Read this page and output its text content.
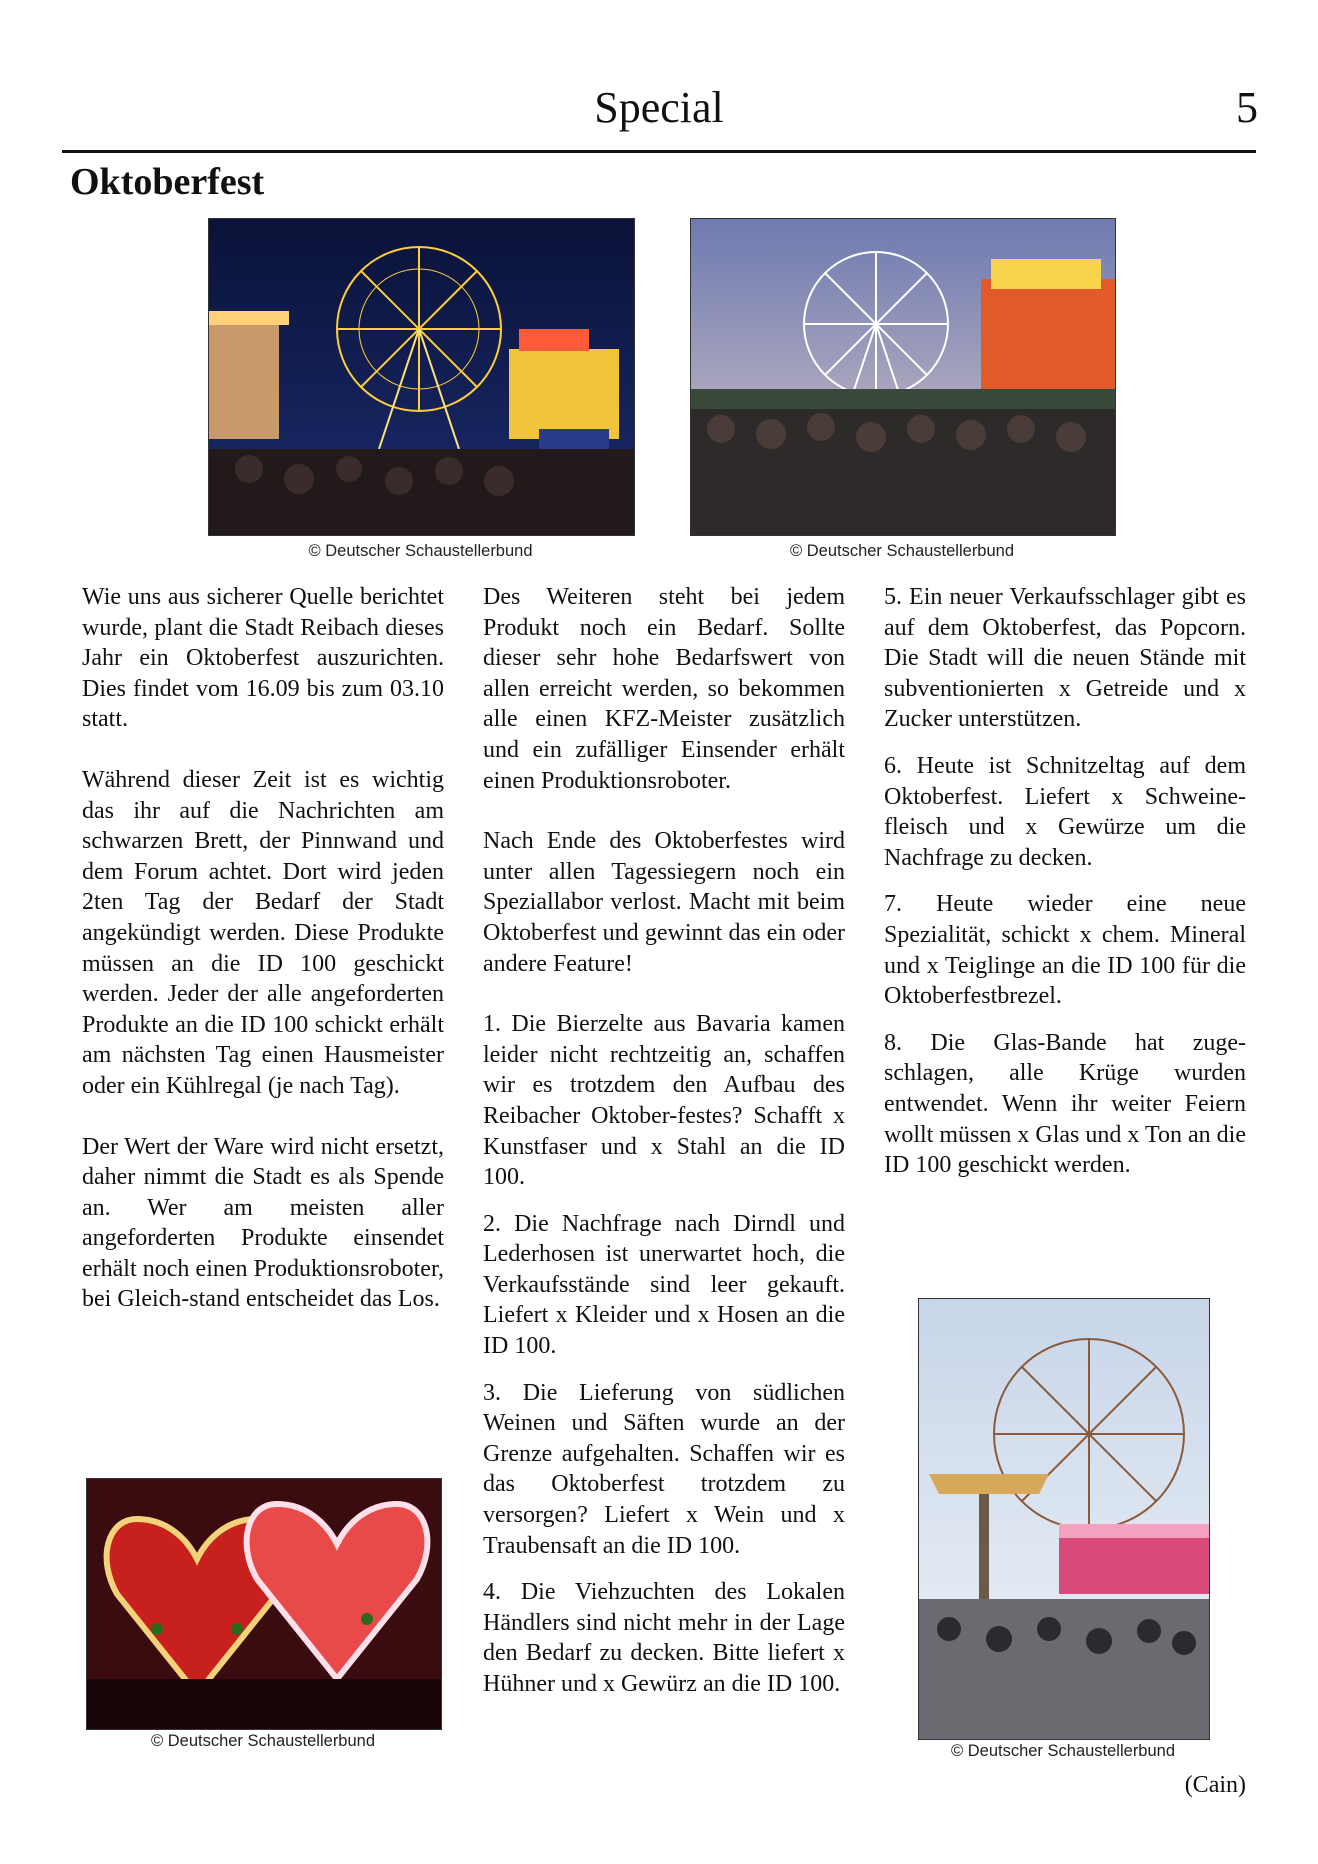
Special	5
Oktoberfest
© Deutscher Schaustellerbund	© Deutscher Schaustellerbund

Wie uns aus sicherer Quelle berichtet wurde, plant die Stadt Reibach dieses Jahr ein Oktoberfest auszurichten. Dies findet vom 16.09 bis zum 03.10 statt.

Während dieser Zeit ist es wichtig das ihr auf die Nachrichten am schwarzen Brett, der Pinnwand und dem Forum achtet. Dort wird jeden 2ten Tag der Bedarf der Stadt angekündigt werden. Diese Produkte müssen an die ID 100 geschickt werden. Jeder der alle angeforderten Produkte an die ID 100 schickt erhält am nächsten Tag einen Hausmeister oder ein Kühlregal (je nach Tag).

Der Wert der Ware wird nicht ersetzt, daher nimmt die Stadt es als Spende an. Wer am meisten aller angeforderten Produkte einsendet erhält noch einen Produktionsroboter, bei Gleich-stand entscheidet das Los.

Des Weiteren steht bei jedem Produkt noch ein Bedarf. Sollte dieser sehr hohe Bedarfswert von allen erreicht werden, so bekommen alle einen KFZ-Meister zusätzlich und ein zufälliger Einsender erhält einen Produktionsroboter.

Nach Ende des Oktoberfestes wird unter allen Tagessiegern noch ein Speziallabor verlost. Macht mit beim Oktoberfest und gewinnt das ein oder andere Feature!

1. Die Bierzelte aus Bavaria kamen leider nicht rechtzeitig an, schaffen wir es trotzdem den Aufbau des Reibacher Oktober-festes? Schafft x Kunstfaser und x Stahl an die ID 100.

2. Die Nachfrage nach Dirndl und Lederhosen ist unerwartet hoch, die Verkaufsstände sind leer gekauft. Liefert x Kleider und x Hosen an die ID 100.

3. Die Lieferung von südlichen Weinen und Säften wurde an der Grenze aufgehalten. Schaffen wir es das Oktoberfest trotzdem zu versorgen? Liefert x Wein und x Traubensaft an die ID 100.

4. Die Viehzuchten des Lokalen Händlers sind nicht mehr in der Lage den Bedarf zu decken. Bitte liefert x Hühner und x Gewürz an die ID 100.

5. Ein neuer Verkaufsschlager gibt es auf dem Oktoberfest, das Popcorn. Die Stadt will die neuen Stände mit subventionierten x Getreide und x Zucker unterstützen.

6. Heute ist Schnitzeltag auf dem Oktoberfest. Liefert x Schweine-fleisch und x Gewürze um die Nachfrage zu decken.

7. Heute wieder eine neue Spezialität, schickt x chem. Mineral und x Teiglinge an die ID 100 für die Oktoberfestbrezel.

8. Die Glas-Bande hat zuge-schlagen, alle Krüge wurden entwendet. Wenn ihr weiter Feiern wollt müssen x Glas und x Ton an die ID 100 geschickt werden.

© Deutscher Schaustellerbund
© Deutscher Schaustellerbund
(Cain)
